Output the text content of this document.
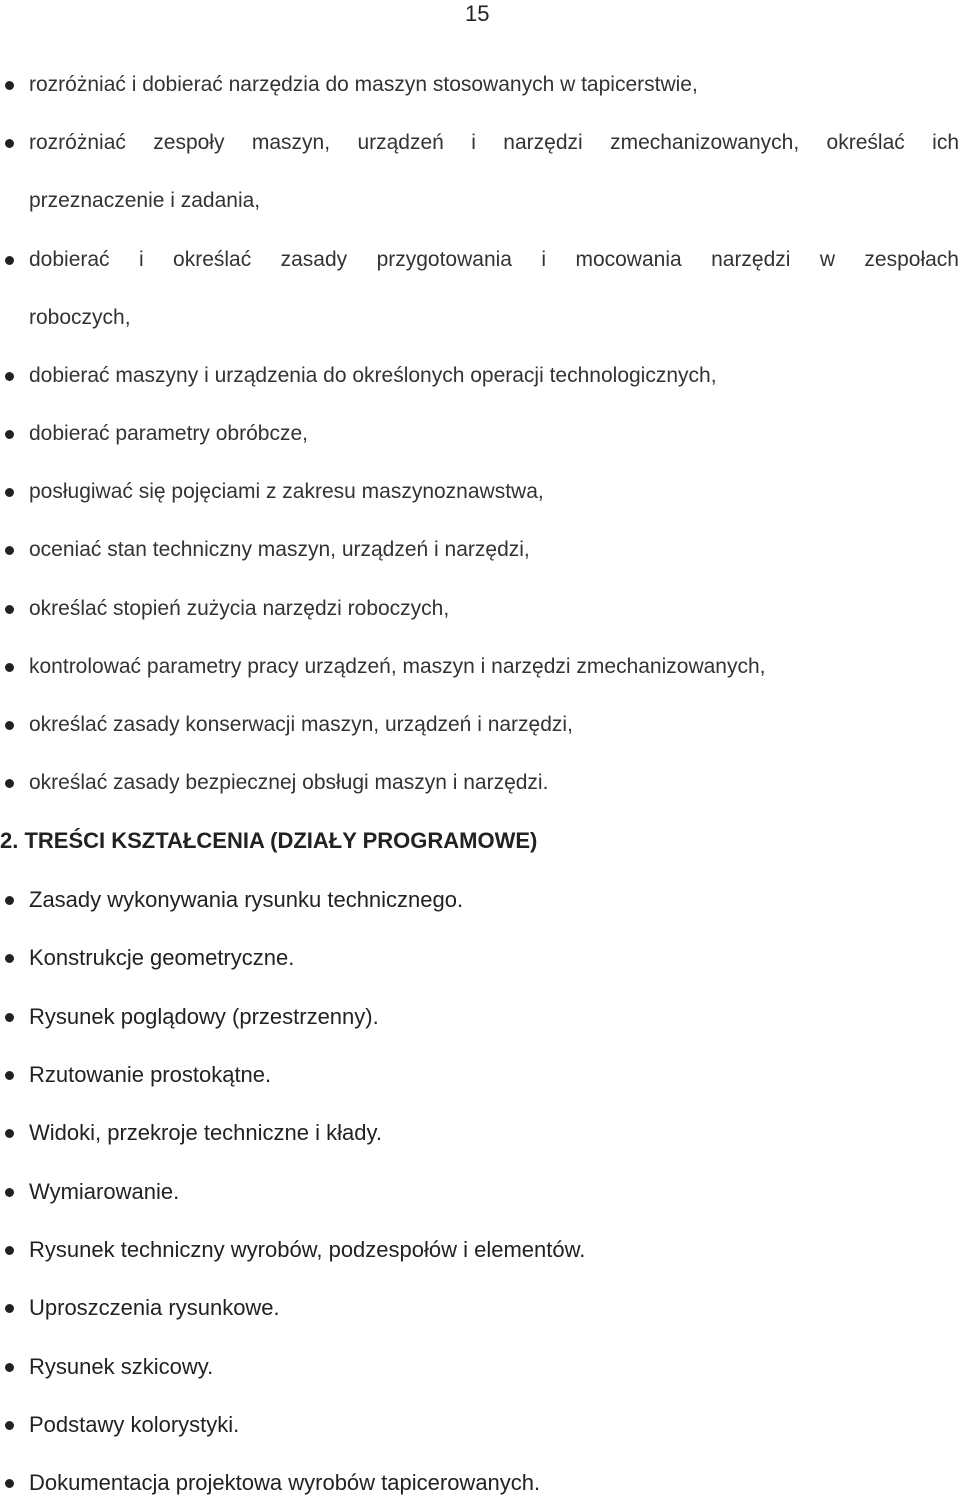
15
rozróżniać i dobierać narzędzia do maszyn stosowanych w tapicerstwie,
rozróżniać zespoły maszyn, urządzeń i narzędzi zmechanizowanych, określać ich
przeznaczenie i zadania,
dobierać i określać zasady przygotowania i mocowania narzędzi w zespołach
roboczych,
dobierać maszyny i urządzenia do określonych operacji technologicznych,
dobierać parametry obróbcze,
posługiwać się pojęciami z zakresu maszynoznawstwa,
oceniać stan techniczny maszyn, urządzeń i narzędzi,
określać stopień zużycia narzędzi roboczych,
kontrolować parametry pracy urządzeń, maszyn i narzędzi zmechanizowanych,
określać zasady konserwacji maszyn, urządzeń i narzędzi,
określać zasady bezpiecznej obsługi maszyn i narzędzi.
2. TREŚCI KSZTAŁCENIA (DZIAŁY PROGRAMOWE)
Zasady wykonywania rysunku technicznego.
Konstrukcje geometryczne.
Rysunek poglądowy (przestrzenny).
Rzutowanie prostokątne.
Widoki, przekroje techniczne i kłady.
Wymiarowanie.
Rysunek techniczny wyrobów, podzespołów i elementów.
Uproszczenia rysunkowe.
Rysunek szkicowy.
Podstawy kolorystyki.
Dokumentacja projektowa wyrobów tapicerowanych.
